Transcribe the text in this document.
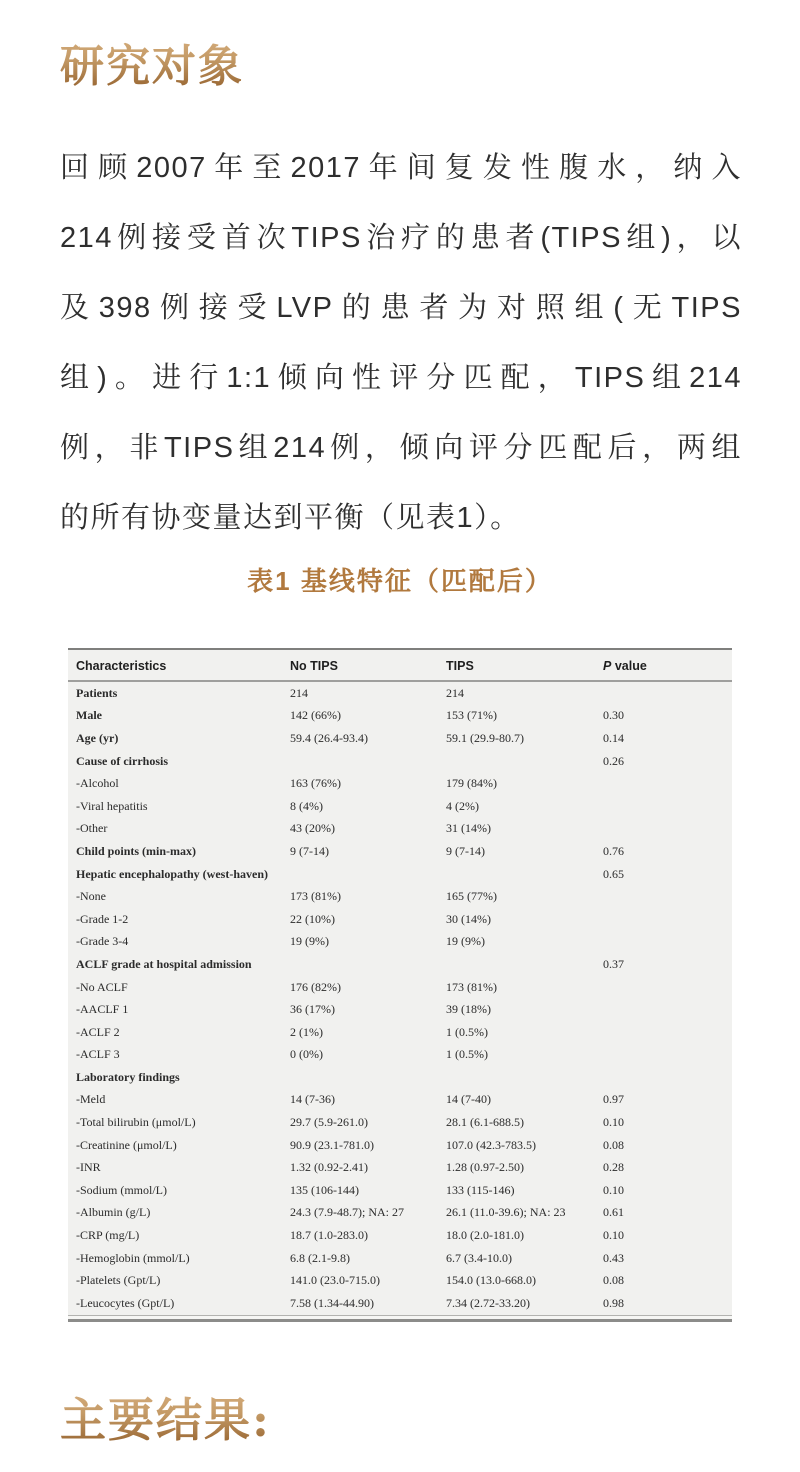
研究对象
回顾2007年至2017年间复发性腹水，纳入
214例接受首次TIPS治疗的患者(TIPS组)，以
及398例接受LVP的患者为对照组(无TIPS
组)。进行1:1倾向性评分匹配，TIPS组214
例，非TIPS组214例，倾向评分匹配后，两组
的所有协变量达到平衡（见表1）。

表1 基线特征（匹配后）

Characteristics	No TIPS	TIPS	P value

Patients	214	214	
Male	142 (66%)	153 (71%)	0.30
Age (yr)	59.4 (26.4-93.4)	59.1 (29.9-80.7)	0.14
Cause of cirrhosis			0.26
-Alcohol	163 (76%)	179 (84%)	
-Viral hepatitis	8 (4%)	4 (2%)	
-Other	43 (20%)	31 (14%)	
Child points (min-max)	9 (7-14)	9 (7-14)	0.76
Hepatic encephalopathy (west-haven)			0.65
-None	173 (81%)	165 (77%)	
-Grade 1-2	22 (10%)	30 (14%)	
-Grade 3-4	19 (9%)	19 (9%)	
ACLF grade at hospital admission			0.37
-No ACLF	176 (82%)	173 (81%)	
-AACLF 1	36 (17%)	39 (18%)	
-ACLF 2	2 (1%)	1 (0.5%)	
-ACLF 3	0 (0%)	1 (0.5%)	
Laboratory findings			
-Meld	14 (7-36)	14 (7-40)	0.97
-Total bilirubin (μmol/L)	29.7 (5.9-261.0)	28.1 (6.1-688.5)	0.10
-Creatinine (μmol/L)	90.9 (23.1-781.0)	107.0 (42.3-783.5)	0.08
-INR	1.32 (0.92-2.41)	1.28 (0.97-2.50)	0.28
-Sodium (mmol/L)	135 (106-144)	133 (115-146)	0.10
-Albumin (g/L)	24.3 (7.9-48.7); NA: 27	26.1 (11.0-39.6); NA: 23	0.61
-CRP (mg/L)	18.7 (1.0-283.0)	18.0 (2.0-181.0)	0.10
-Hemoglobin (mmol/L)	6.8 (2.1-9.8)	6.7 (3.4-10.0)	0.43
-Platelets (Gpt/L)	141.0 (23.0-715.0)	154.0 (13.0-668.0)	0.08
-Leucocytes (Gpt/L)	7.58 (1.34-44.90)	7.34 (2.72-33.20)	0.98
主要结果:
